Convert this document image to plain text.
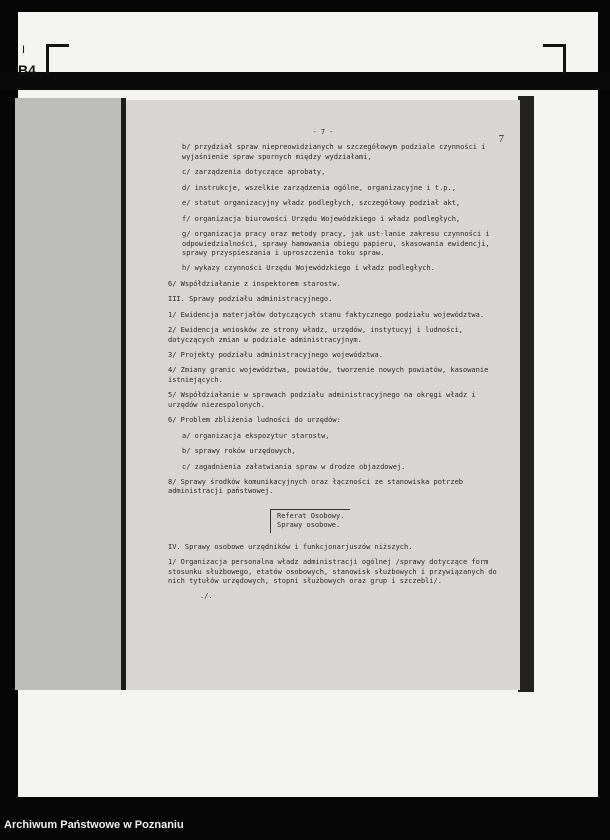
I
B4
- 7 -
7
b/ przydział spraw niepreowidzianych w szczegółowym podziale czynności i wyjaśnienie spraw spornych między wydziałami,
c/ zarządzenia dotyczące aprobaty,
d/ instrukcje, wszelkie zarządzenia ogólne, organizacyjne i t.p.,
e/ statut organizacyjny władz podległych, szczegółowy podział akt,
f/ organizacja biurowości Urzędu Wojewódzkiego i władz podległych,
g/ organizacja pracy oraz metody pracy, jak ust-lanie zakresu czynności i odpowiedzialności, sprawy hamowania obiegu papieru, skasowania ewidencji, sprawy przyspieszania i uproszczenia toku spraw.
h/ wykazy czynności Urzędu Wojewódzkiego i władz podległych.
6/ Współdziałanie z inspektorem starostw.
III. Sprawy podziału administracyjnego.
1/ Ewidencja materjałów dotyczących stanu faktycznego podziału województwa.
2/ Ewidencja wniosków ze strony władz, urzędów, instytucyj i ludności, dotyczących zmian w podziale administracyjnym.
3/ Projekty podziału administracyjnego województwa.
4/ Zmiany granic województwa, powiatów, tworzenie nowych powiatów, kasowanie istniejących.
5/ Współdziałanie w sprawach podziału administracyjnego na okręgi władz i urzędów niezespolonych.
6/ Problem zbliżenia ludności do urzędów:
a/ organizacja ekspozytur starostw,
b/ sprawy roków urzędowych,
c/ zagadnienia załatwiania spraw w drodze objazdowej.
8/ Sprawy środków komunikacyjnych oraz łączności ze stanowiska potrzeb administracji państwowej.
Referat Osobowy.
Sprawy osobowe.
IV. Sprawy osobowe urzędników i funkcjonarjuszów niższych.
1/ Organizacja personalna władz administracji ogólnej /sprawy dotyczące form stosunku służbowego, etatów osobowych, stanowisk służbowych i przywiązanych do nich tytułów urzędowych, stopni służbowych oraz grup i szczebli/.
./.
Archiwum Państwowe w Poznaniu
